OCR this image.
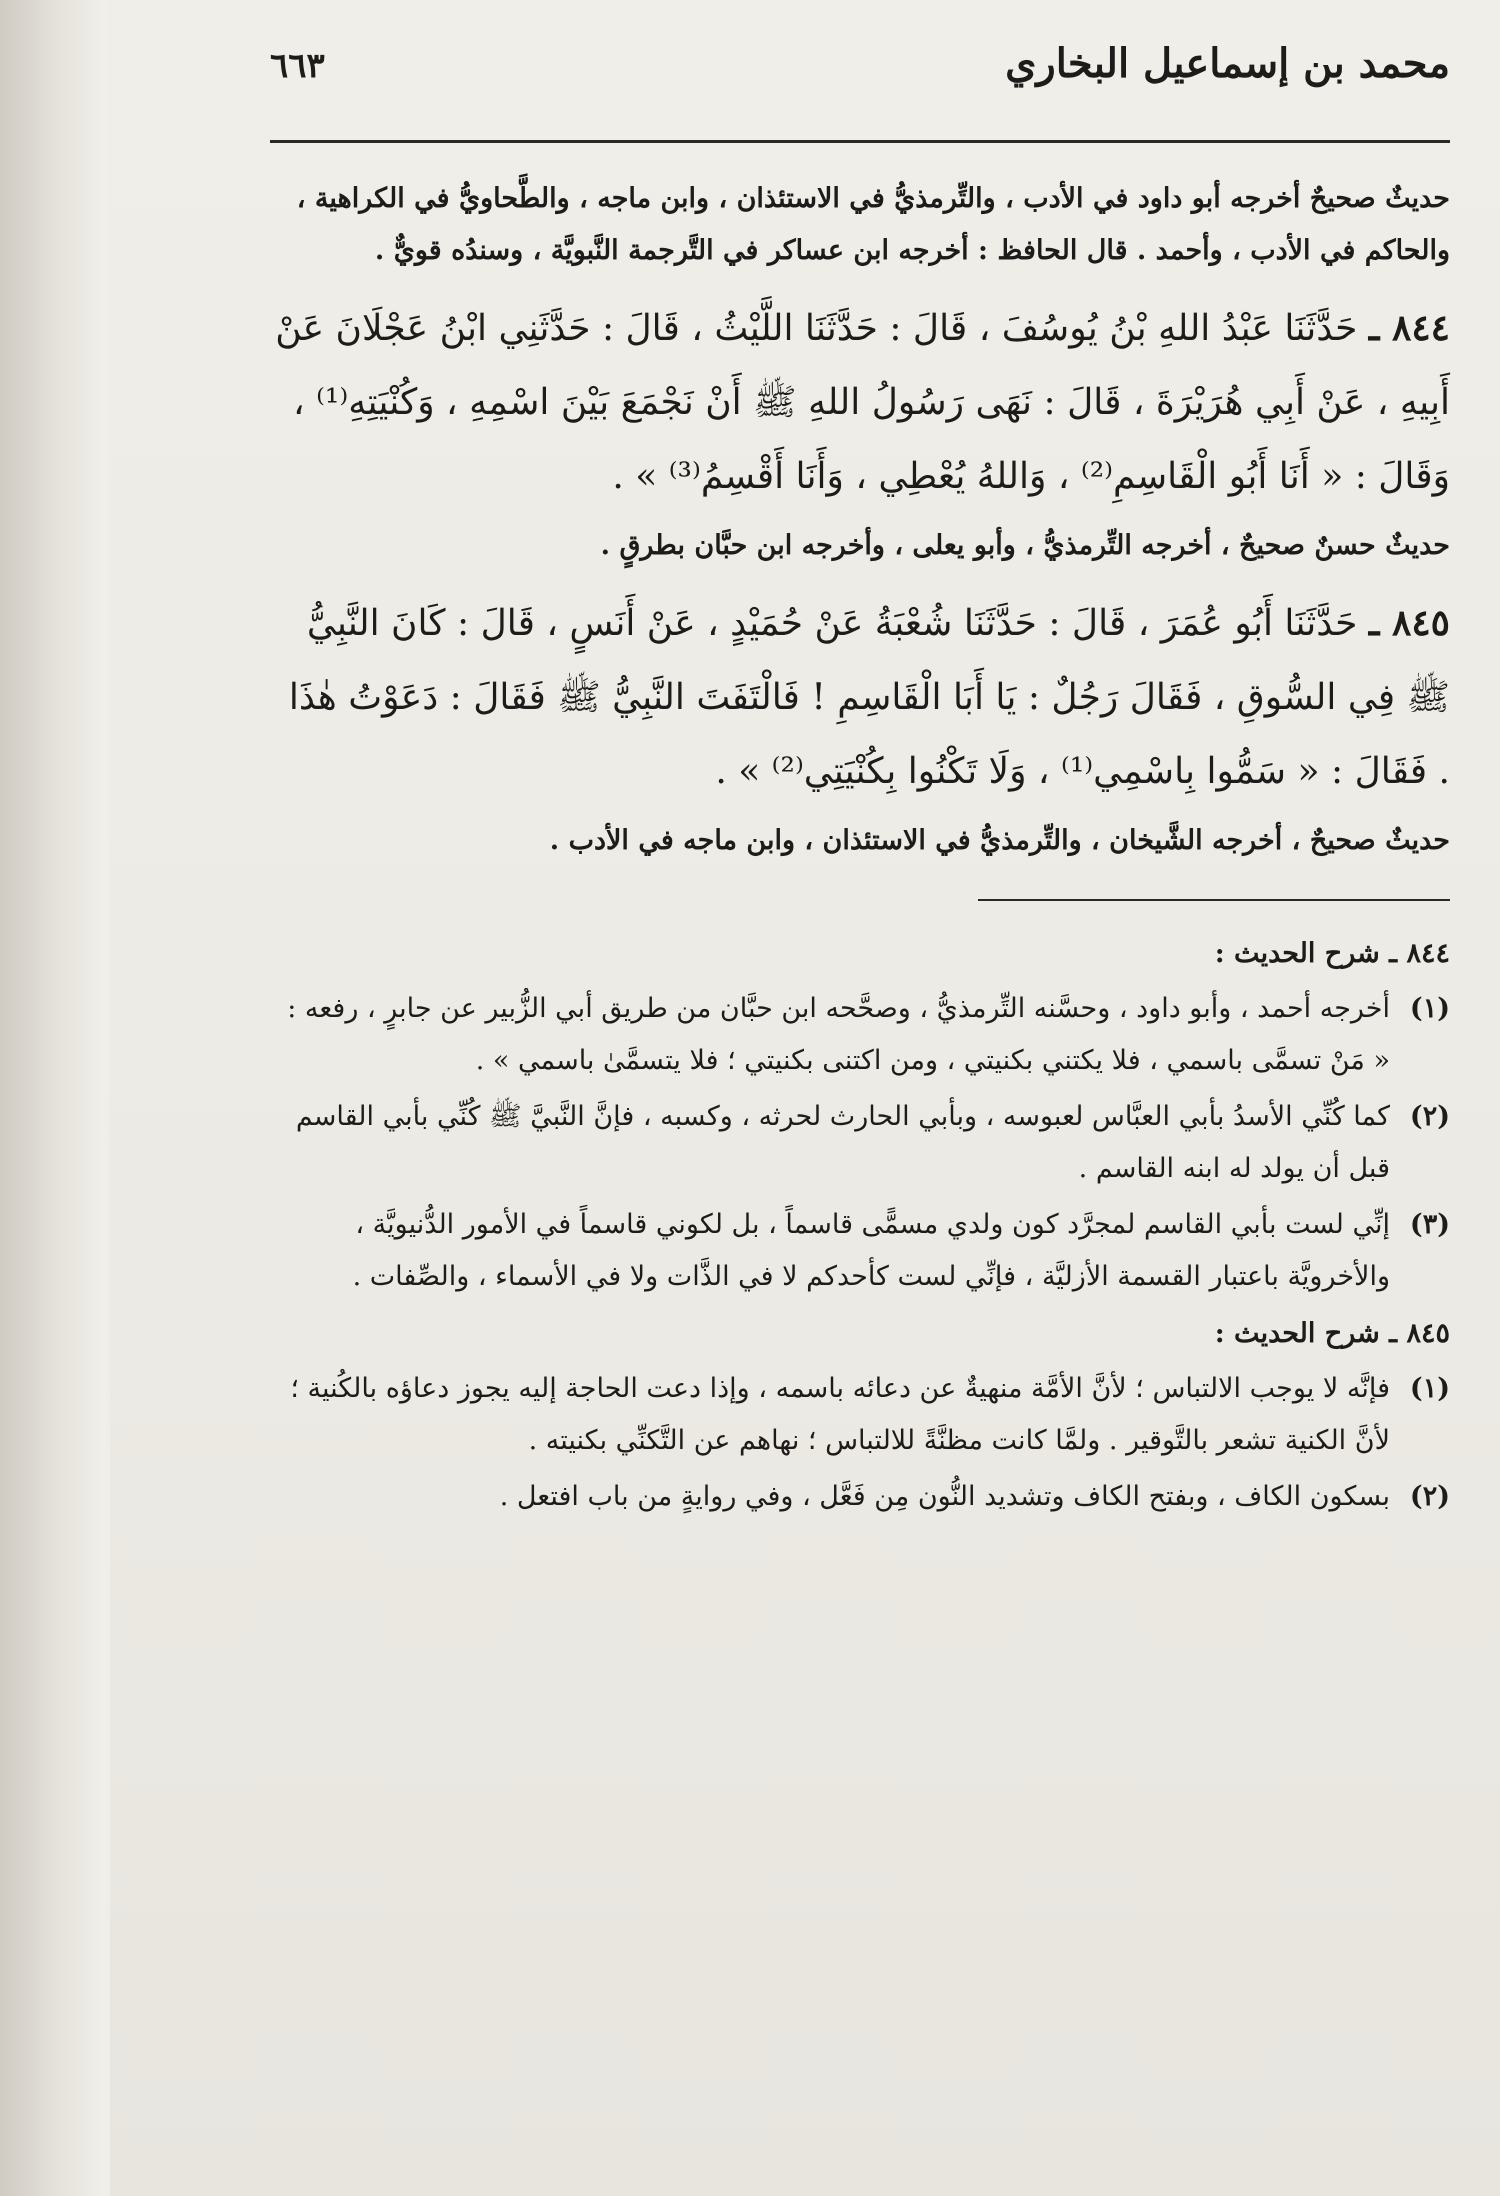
محمد بن إسماعيل البخاري
٦٦٣

حديثٌ صحيحٌ أخرجه أبو داود في الأدب ، والتِّرمذيُّ في الاستئذان ، وابن ماجه ، والطَّحاويُّ في الكراهية ، والحاكم في الأدب ، وأحمد . قال الحافظ : أخرجه ابن عساكر في التَّرجمة النَّبويَّة ، وسندُه قويٌّ .

٨٤٤ ـ حَدَّثَنَا عَبْدُ اللهِ بْنُ يُوسُفَ ، قَالَ : حَدَّثَنَا اللَّيْثُ ، قَالَ : حَدَّثَنِي ابْنُ عَجْلَانَ عَنْ أَبِيهِ ، عَنْ أَبِي هُرَيْرَةَ ، قَالَ : نَهَى رَسُولُ اللهِ ﷺ أَنْ نَجْمَعَ بَيْنَ اسْمِهِ ، وَكُنْيَتِهِ⁽¹⁾ ، وَقَالَ : « أَنَا أَبُو الْقَاسِمِ⁽²⁾ ، وَاللهُ يُعْطِي ، وَأَنَا أَقْسِمُ⁽³⁾ » .

حديثٌ حسنٌ صحيحٌ ، أخرجه التِّرمذيُّ ، وأبو يعلى ، وأخرجه ابن حبَّان بطرقٍ .

٨٤٥ ـ حَدَّثَنَا أَبُو عُمَرَ ، قَالَ : حَدَّثَنَا شُعْبَةُ عَنْ حُمَيْدٍ ، عَنْ أَنَسٍ ، قَالَ : كَانَ النَّبِيُّ ﷺ فِي السُّوقِ ، فَقَالَ رَجُلٌ : يَا أَبَا الْقَاسِمِ ! فَالْتَفَتَ النَّبِيُّ ﷺ فَقَالَ : دَعَوْتُ هٰذَا . فَقَالَ : « سَمُّوا بِاسْمِي⁽¹⁾ ، وَلَا تَكْنُوا بِكُنْيَتِي⁽²⁾ » .

حديثٌ صحيحٌ ، أخرجه الشَّيخان ، والتِّرمذيُّ في الاستئذان ، وابن ماجه في الأدب .

٨٤٤ ـ شرح الحديث :
(١)
أخرجه أحمد ، وأبو داود ، وحسَّنه التِّرمذيُّ ، وصحَّحه ابن حبَّان من طريق أبي الزُّبير عن جابرٍ ، رفعه : « مَنْ تسمَّى باسمي ، فلا يكتني بكنيتي ، ومن اكتنى بكنيتي ؛ فلا يتسمَّىٰ باسمي » .
(٢)
كما كُنِّي الأسدُ بأبي العبَّاس لعبوسه ، وبأبي الحارث لحرثه ، وكسبه ، فإنَّ النَّبيَّ ﷺ كُنِّي بأبي القاسم قبل أن يولد له ابنه القاسم .
(٣)
إنِّي لست بأبي القاسم لمجرَّد كون ولدي مسمًّى قاسماً ، بل لكوني قاسماً في الأمور الدُّنيويَّة ، والأخرويَّة باعتبار القسمة الأزليَّة ، فإنِّي لست كأحدكم لا في الذَّات ولا في الأسماء ، والصِّفات .
٨٤٥ ـ شرح الحديث :
(١)
فإنَّه لا يوجب الالتباس ؛ لأنَّ الأمَّة منهيةٌ عن دعائه باسمه ، وإذا دعت الحاجة إليه يجوز دعاؤه بالكُنية ؛ لأنَّ الكنية تشعر بالتَّوقير . ولمَّا كانت مظنَّةً للالتباس ؛ نهاهم عن التَّكنِّي بكنيته .
(٢)
بسكون الكاف ، وبفتح الكاف وتشديد النُّون مِن فَعَّل ، وفي روايةٍ من باب افتعل .
